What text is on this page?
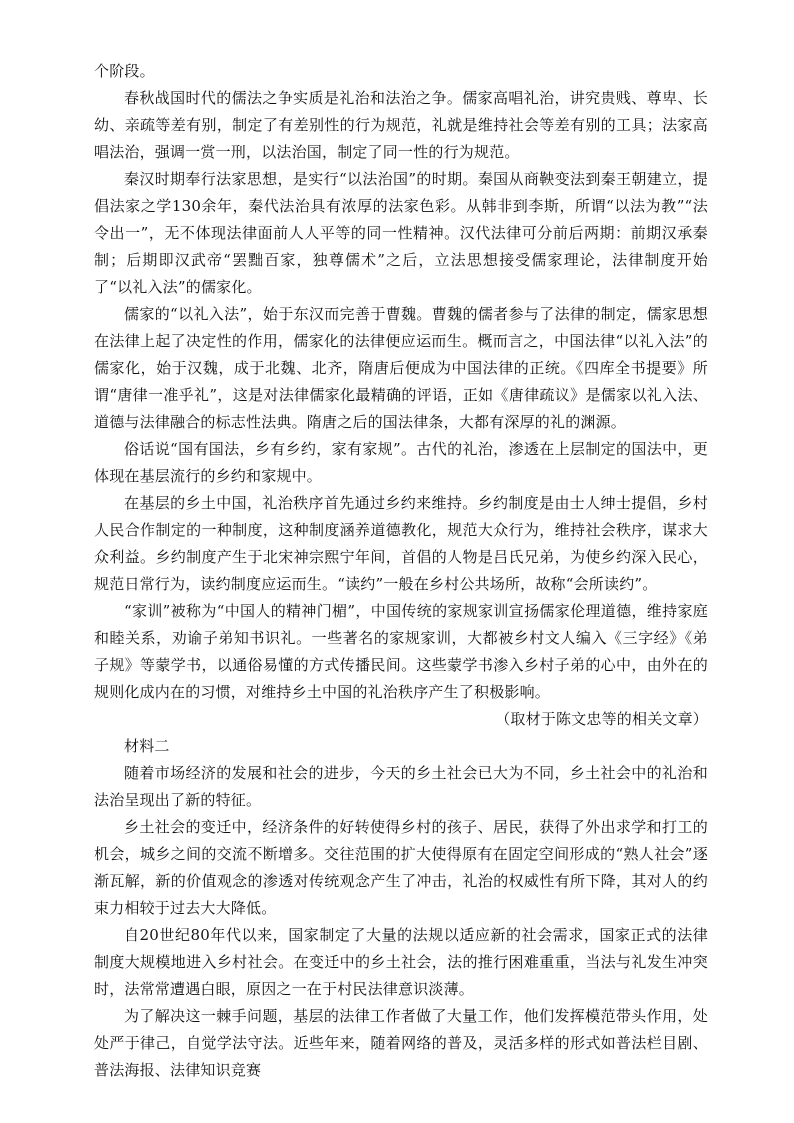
个阶段。

春秋战国时代的儒法之争实质是礼治和法治之争。儒家高唱礼治，讲究贵贱、尊卑、长幼、亲疏等差有别，制定了有差别性的行为规范，礼就是维持社会等差有别的工具；法家高唱法治，强调一赏一刑，以法治国，制定了同一性的行为规范。

秦汉时期奉行法家思想，是实行“以法治国”的时期。秦国从商鞅变法到秦王朝建立，提倡法家之学130余年，秦代法治具有浓厚的法家色彩。从韩非到李斯，所谓“以法为教”“法令出一”，无不体现法律面前人人平等的同一性精神。汉代法律可分前后两期：前期汉承秦制；后期即汉武帝“罢黜百家，独尊儒术”之后，立法思想接受儒家理论，法律制度开始了“以礼入法”的儒家化。

儒家的“以礼入法”，始于东汉而完善于曹魏。曹魏的儒者参与了法律的制定，儒家思想在法律上起了决定性的作用，儒家化的法律便应运而生。概而言之，中国法律“以礼入法”的儒家化，始于汉魏，成于北魏、北齐，隋唐后便成为中国法律的正统。《四库全书提要》所谓“唐律一准乎礼”，这是对法律儒家化最精确的评语，正如《唐律疏议》是儒家以礼入法、道德与法律融合的标志性法典。隋唐之后的国法律条，大都有深厚的礼的渊源。

俗话说“国有国法，乡有乡约，家有家规”。古代的礼治，渗透在上层制定的国法中，更体现在基层流行的乡约和家规中。

在基层的乡土中国，礼治秩序首先通过乡约来维持。乡约制度是由士人绅士提倡，乡村人民合作制定的一种制度，这种制度涵养道德教化，规范大众行为，维持社会秩序，谋求大众利益。乡约制度产生于北宋神宗熙宁年间，首倡的人物是吕氏兄弟，为使乡约深入民心，规范日常行为，读约制度应运而生。“读约”一般在乡村公共场所，故称“会所读约”。

“家训”被称为“中国人的精神门楣”，中国传统的家规家训宣扬儒家伦理道德，维持家庭和睦关系，劝谕子弟知书识礼。一些著名的家规家训，大都被乡村文人编入《三字经》《弟子规》等蒙学书，以通俗易懂的方式传播民间。这些蒙学书渗入乡村子弟的心中，由外在的规则化成内在的习惯，对维持乡土中国的礼治秩序产生了积极影响。

（取材于陈文忠等的相关文章）

材料二

随着市场经济的发展和社会的进步，今天的乡土社会已大为不同，乡土社会中的礼治和法治呈现出了新的特征。

乡土社会的变迁中，经济条件的好转使得乡村的孩子、居民，获得了外出求学和打工的机会，城乡之间的交流不断增多。交往范围的扩大使得原有在固定空间形成的“熟人社会”逐渐瓦解，新的价值观念的渗透对传统观念产生了冲击，礼治的权威性有所下降，其对人的约束力相较于过去大大降低。

自20世纪80年代以来，国家制定了大量的法规以适应新的社会需求，国家正式的法律制度大规模地进入乡村社会。在变迁中的乡土社会，法的推行困难重重，当法与礼发生冲突时，法常常遭遇白眼，原因之一在于村民法律意识淡薄。

为了解决这一棘手问题，基层的法律工作者做了大量工作，他们发挥模范带头作用，处处严于律己，自觉学法守法。近些年来，随着网络的普及，灵活多样的形式如普法栏目剧、普法海报、法律知识竞赛
